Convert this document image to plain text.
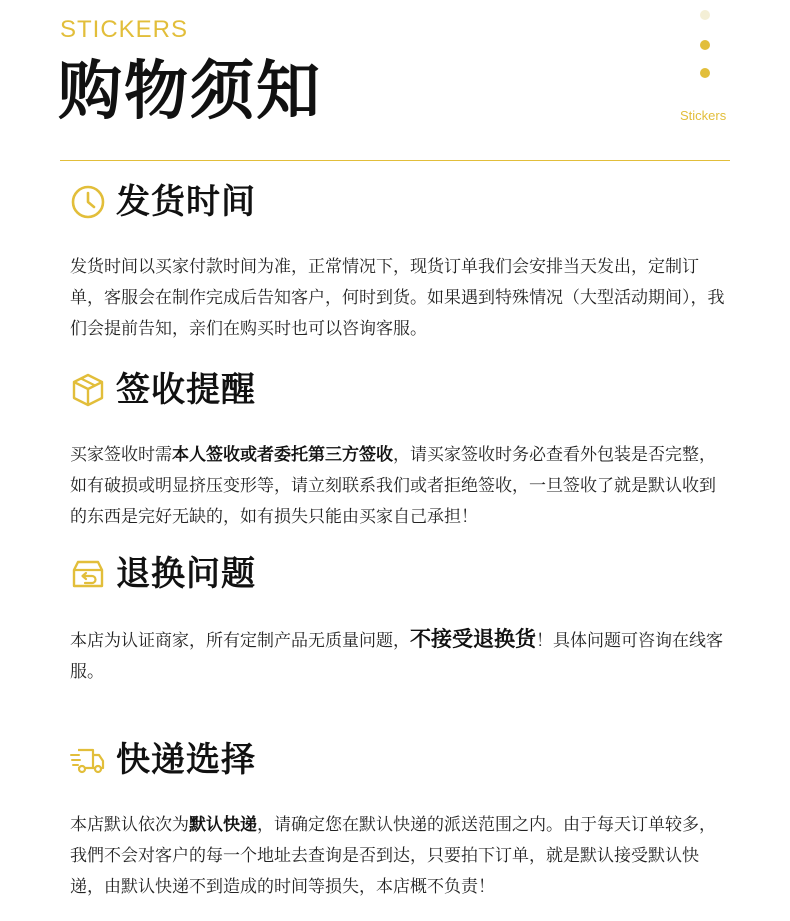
STICKERS
购物须知	Stickers
发货时间
发货时间以买家付款时间为准，正常情况下，现货订单我们会安排当天发出，定制订单，客服会在制作完成后告知客户，何时到货。如果遇到特殊情况（大型活动期间），我们会提前告知，亲们在购买时也可以咨询客服。
签收提醒
买家签收时需本人签收或者委托第三方签收，请买家签收时务必查看外包装是否完整，如有破损或明显挤压变形等，请立刻联系我们或者拒绝签收，一旦签收了就是默认收到的东西是完好无缺的，如有损失只能由买家自己承担！
退换问题
本店为认证商家，所有定制产品无质量问题，不接受退换货！具体问题可咨询在线客服。
快递选择
本店默认依次为默认快递，请确定您在默认快递的派送范围之内。由于每天订单较多，我們不会对客户的每一个地址去查询是否到达，只要拍下订单，就是默认接受默认快递，由默认快递不到造成的时间等损失，本店概不负责！
